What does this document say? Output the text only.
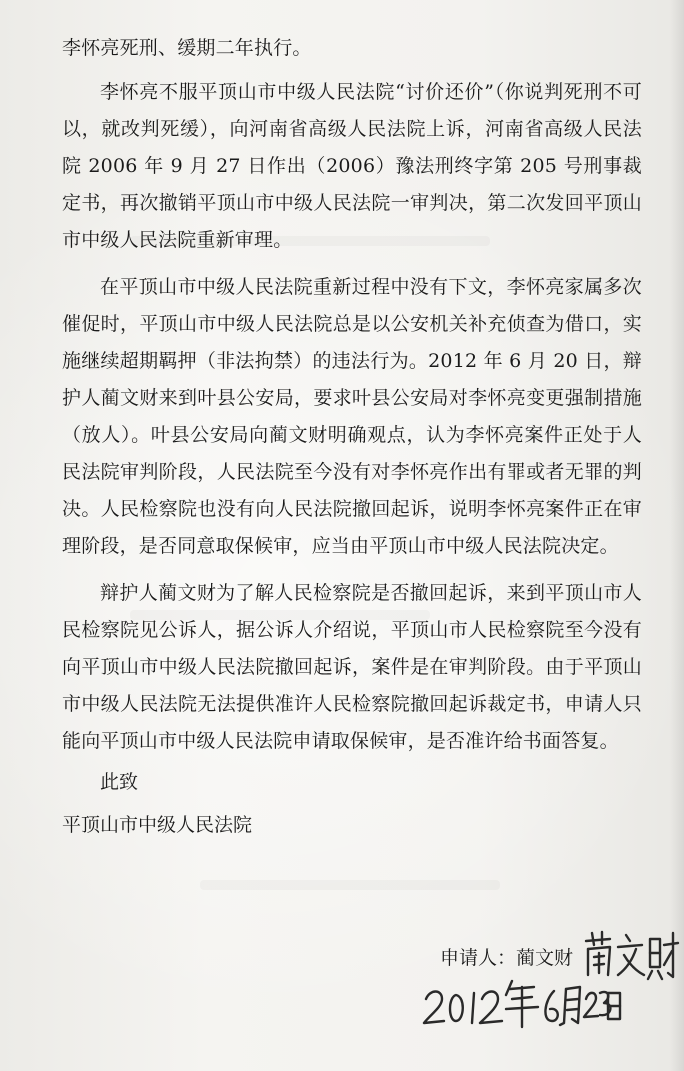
李怀亮死刑、缓期二年执行。

李怀亮不服平顶山市中级人民法院“讨价还价”（你说判死刑不可以，就改判死缓），向河南省高级人民法院上诉，河南省高级人民法院 2006 年 9 月 27 日作出（2006）豫法刑终字第 205 号刑事裁定书，再次撤销平顶山市中级人民法院一审判决，第二次发回平顶山市中级人民法院重新审理。

在平顶山市中级人民法院重新过程中没有下文，李怀亮家属多次催促时，平顶山市中级人民法院总是以公安机关补充侦查为借口，实施继续超期羁押（非法拘禁）的违法行为。2012 年 6 月 20 日，辩护人蔺文财来到叶县公安局，要求叶县公安局对李怀亮变更强制措施（放人）。叶县公安局向蔺文财明确观点，认为李怀亮案件正处于人民法院审判阶段，人民法院至今没有对李怀亮作出有罪或者无罪的判决。人民检察院也没有向人民法院撤回起诉，说明李怀亮案件正在审理阶段，是否同意取保候审，应当由平顶山市中级人民法院决定。

辩护人蔺文财为了解人民检察院是否撤回起诉，来到平顶山市人民检察院见公诉人，据公诉人介绍说，平顶山市人民检察院至今没有向平顶山市中级人民法院撤回起诉，案件是在审判阶段。由于平顶山市中级人民法院无法提供准许人民检察院撤回起诉裁定书，申请人只能向平顶山市中级人民法院申请取保候审，是否准许给书面答复。

此致

平顶山市中级人民法院

申请人：蔺文财
